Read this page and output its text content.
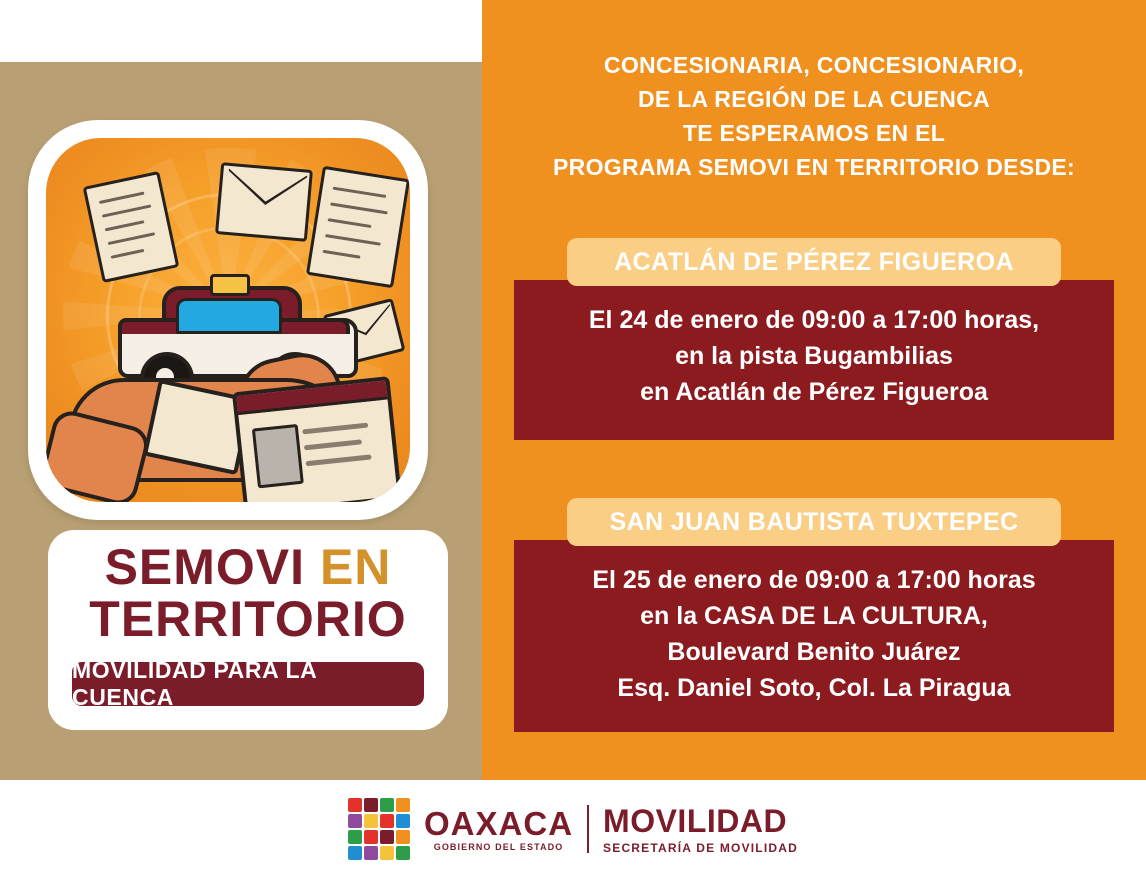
SEMOVI EN
TERRITORIO
MOVILIDAD PARA LA CUENCA
CONCESIONARIA, CONCESIONARIO,
DE LA REGIÓN DE LA CUENCA
TE ESPERAMOS EN EL
PROGRAMA SEMOVI EN TERRITORIO DESDE:
ACATLÁN DE PÉREZ FIGUEROA
El 24 de enero de 09:00 a 17:00 horas,
en la pista Bugambilias
en Acatlán de Pérez Figueroa
SAN JUAN BAUTISTA TUXTEPEC
El 25 de enero de 09:00 a 17:00 horas
en la CASA DE LA CULTURA,
Boulevard Benito Juárez
Esq. Daniel Soto, Col. La Piragua
OAXACA
GOBIERNO DEL ESTADO
MOVILIDAD
SECRETARÍA DE MOVILIDAD
